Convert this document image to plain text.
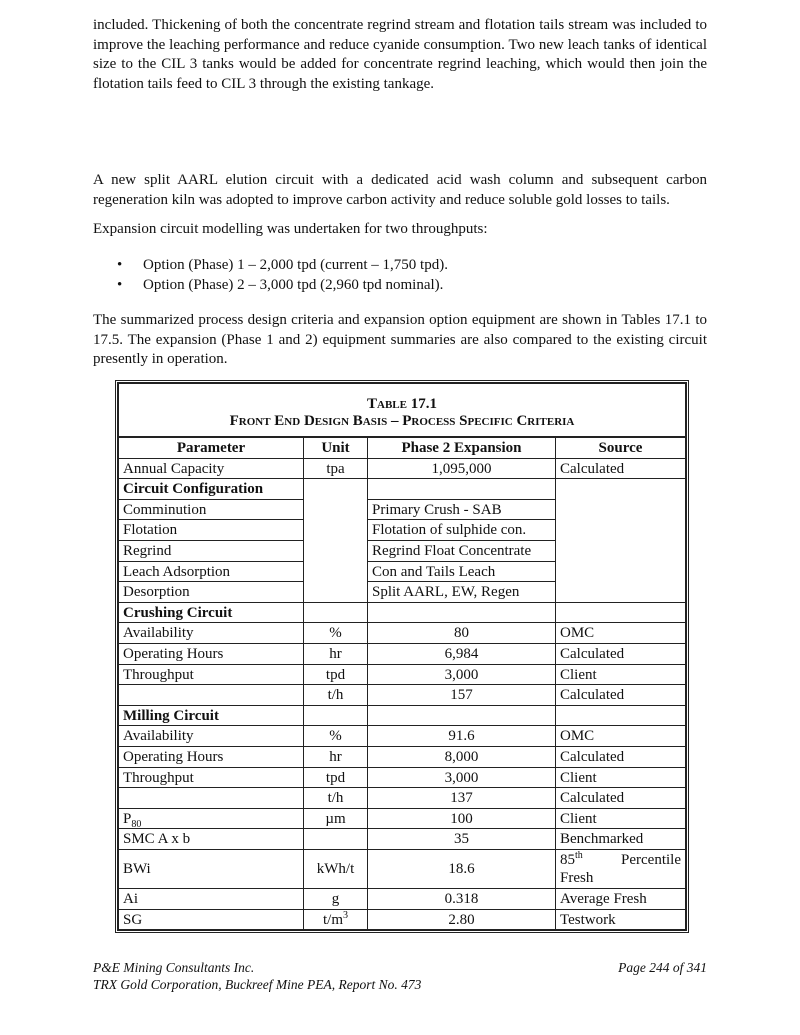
included. Thickening of both the concentrate regrind stream and flotation tails stream was included to improve the leaching performance and reduce cyanide consumption. Two new leach tanks of identical size to the CIL 3 tanks would be added for concentrate regrind leaching, which would then join the flotation tails feed to CIL 3 through the existing tankage.

A new split AARL elution circuit with a dedicated acid wash column and subsequent carbon regeneration kiln was adopted to improve carbon activity and reduce soluble gold losses to tails.

Expansion circuit modelling was undertaken for two throughputs:

• Option (Phase) 1 – 2,000 tpd (current – 1,750 tpd).
• Option (Phase) 2 – 3,000 tpd (2,960 tpd nominal).

The summarized process design criteria and expansion option equipment are shown in Tables 17.1 to 17.5. The expansion (Phase 1 and 2) equipment summaries are also compared to the existing circuit presently in operation.

Table 17.1
Front End Design Basis – Process Specific Criteria			

Parameter	Unit	Phase 2 Expansion	Source
Annual Capacity	tpa	1,095,000	Calculated
Circuit Configuration			
Comminution		Primary Crush - SAB	
Flotation		Flotation of sulphide con.	
Regrind		Regrind Float Concentrate	
Leach Adsorption		Con and Tails Leach	
Desorption		Split AARL, EW, Regen	
Crushing Circuit			
Availability	%	80	OMC
Operating Hours	hr	6,984	Calculated
Throughput	tpd	3,000	Client
	t/h	157	Calculated
Milling Circuit			
Availability	%	91.6	OMC
Operating Hours	hr	8,000	Calculated
Throughput	tpd	3,000	Client
	t/h	137	Calculated
$P_{80}$	µm	100	Client
SMC A x b		35	Benchmarked
BWi	kWh/t	18.6	85th Percentile
Fresh

Ai	g	0.318	Average Fresh
SG	$t/m^3$	2.80	Testwork
P&E Mining Consultants Inc.
TRX Gold Corporation, Buckreef Mine PEA, Report No. 473
Page 244 of 341
